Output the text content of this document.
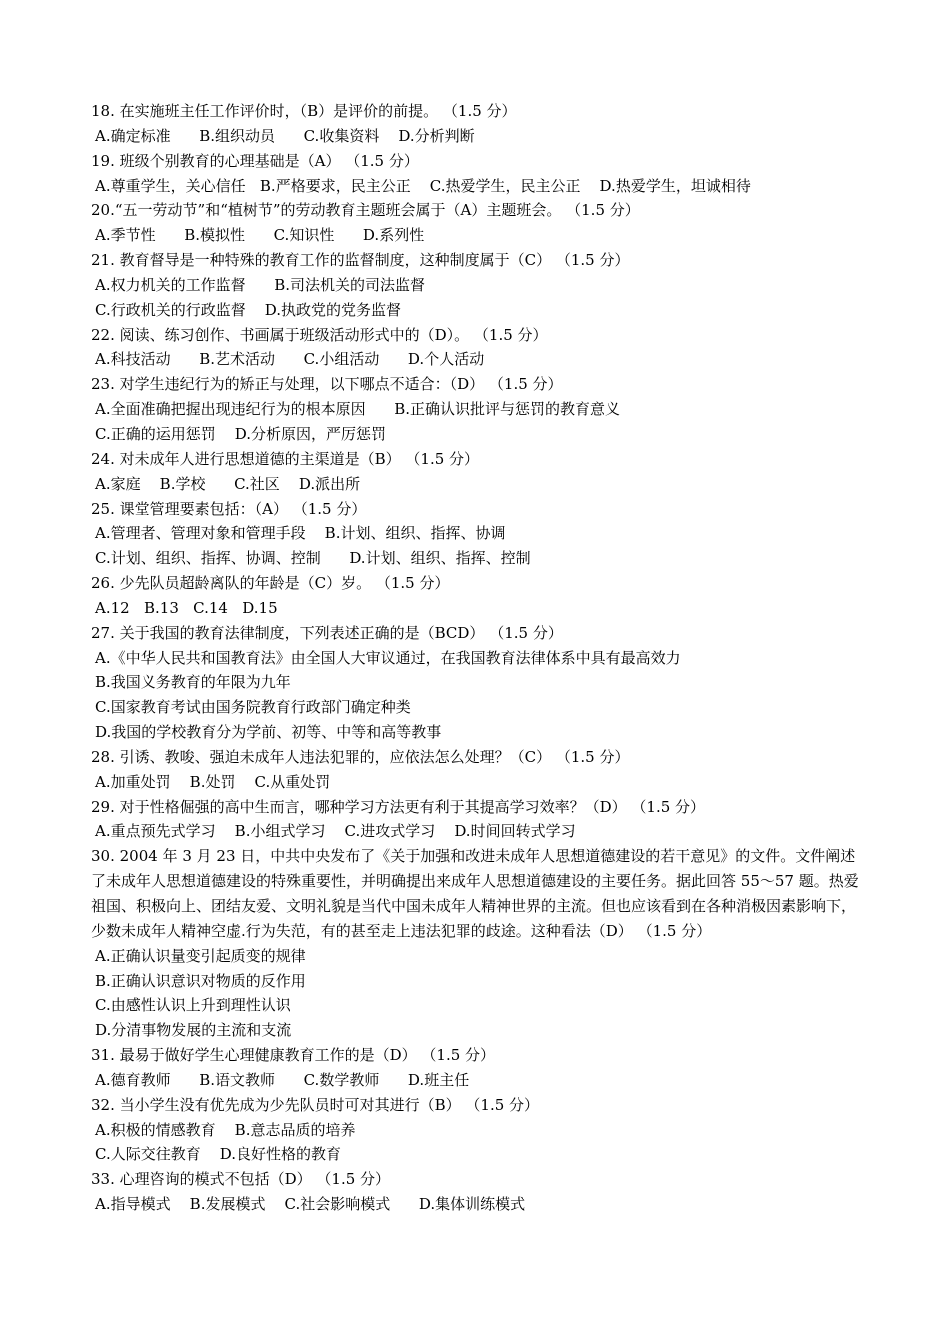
18. 在实施班主任工作评价时，（B）是评价的前提。 （1.5 分）
A.确定标准      B.组织动员      C.收集资料    D.分析判断
19. 班级个别教育的心理基础是（A） （1.5 分）
A.尊重学生，关心信任   B.严格要求，民主公正    C.热爱学生，民主公正    D.热爱学生，坦诚相待
20.“五一劳动节”和“植树节”的劳动教育主题班会属于（A）主题班会。 （1.5 分）
A.季节性      B.模拟性      C.知识性      D.系列性
21. 教育督导是一种特殊的教育工作的监督制度，这种制度属于（C） （1.5 分）
A.权力机关的工作监督      B.司法机关的司法监督
C.行政机关的行政监督    D.执政党的党务监督
22. 阅读、练习创作、书画属于班级活动形式中的（D）。 （1.5 分）
A.科技活动      B.艺术活动      C.小组活动      D.个人活动
23. 对学生违纪行为的矫正与处理，以下哪点不适合：（D） （1.5 分）
A.全面准确把握出现违纪行为的根本原因      B.正确认识批评与惩罚的教育意义
C.正确的运用惩罚    D.分析原因，严厉惩罚
24. 对未成年人进行思想道德的主渠道是（B） （1.5 分）
A.家庭    B.学校      C.社区    D.派出所
25. 课堂管理要素包括：（A） （1.5 分）
A.管理者、管理对象和管理手段    B.计划、组织、指挥、协调
C.计划、组织、指挥、协调、控制      D.计划、组织、指挥、控制
26. 少先队员超龄离队的年龄是（C）岁。 （1.5 分）
A.12   B.13   C.14   D.15
27. 关于我国的教育法律制度，下列表述正确的是（BCD） （1.5 分）
A.《中华人民共和国教育法》由全国人大审议通过，在我国教育法律体系中具有最高效力
B.我国义务教育的年限为九年
C.国家教育考试由国务院教育行政部门确定种类
D.我国的学校教育分为学前、初等、中等和高等教事
28. 引诱、教唆、强迫未成年人违法犯罪的，应依法怎么处理？（C） （1.5 分）
A.加重处罚    B.处罚    C.从重处罚
29. 对于性格倔强的高中生而言，哪种学习方法更有利于其提高学习效率？（D） （1.5 分）
A.重点预先式学习    B.小组式学习    C.进攻式学习    D.时间回转式学习
30. 2004 年 3 月 23 日，中共中央发布了《关于加强和改进未成年人思想道德建设的若干意见》的文件。文件阐述了未成年人思想道德建设的特殊重要性，并明确提出来成年人思想道德建设的主要任务。据此回答 55～57 题。热爱祖国、积极向上、团结友爱、文明礼貌是当代中国未成年人精神世界的主流。但也应该看到在各种消极因素影响下，少数未成年人精神空虚.行为失范，有的甚至走上违法犯罪的歧途。这种看法（D） （1.5 分）
A.正确认识量变引起质变的规律
B.正确认识意识对物质的反作用
C.由感性认识上升到理性认识
D.分清事物发展的主流和支流
31. 最易于做好学生心理健康教育工作的是（D） （1.5 分）
A.德育教师      B.语文教师      C.数学教师      D.班主任
32. 当小学生没有优先成为少先队员时可对其进行（B） （1.5 分）
A.积极的情感教育    B.意志品质的培养
C.人际交往教育    D.良好性格的教育
33. 心理咨询的模式不包括（D） （1.5 分）
A.指导模式    B.发展模式    C.社会影响模式      D.集体训练模式
